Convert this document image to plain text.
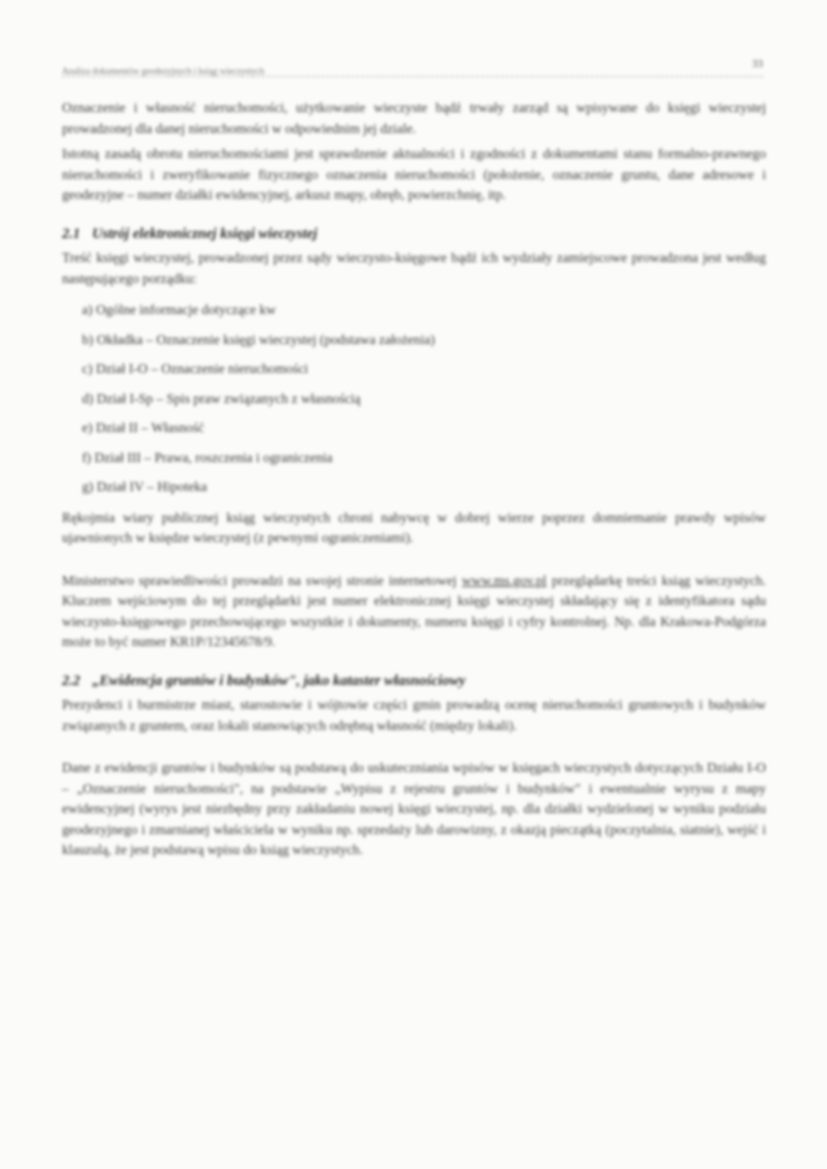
Analiza dokumentów geodezyjnych i ksiąg wieczystych
33

Oznaczenie i własność nieruchomości, użytkowanie wieczyste bądź trwały zarząd są wpisywane do księgi wieczystej prowadzonej dla danej nieruchomości w odpowiednim jej dziale.

Istotną zasadą obrotu nieruchomościami jest sprawdzenie aktualności i zgodności z dokumentami stanu formalno-prawnego nieruchomości i zweryfikowanie fizycznego oznaczenia nieruchomości (położenie, oznaczenie gruntu, dane adresowe i geodezyjne – numer działki ewidencyjnej, arkusz mapy, obręb, powierzchnię, itp.

2.1 Ustrój elektronicznej księgi wieczystej

Treść księgi wieczystej, prowadzonej przez sądy wieczysto-księgowe bądź ich wydziały zamiejscowe prowadzona jest według następującego porządku:

a) Ogólne informacje dotyczące kw
b) Okładka – Oznaczenie księgi wieczystej (podstawa założenia)
c) Dział I-O – Oznaczenie nieruchomości
d) Dział I-Sp – Spis praw związanych z własnością
e) Dział II – Własność
f) Dział III – Prawa, roszczenia i ograniczenia
g) Dział IV – Hipoteka

Rękojmia wiary publicznej ksiąg wieczystych chroni nabywcę w dobrej wierze poprzez domniemanie prawdy wpisów ujawnionych w księdze wieczystej (z pewnymi ograniczeniami).

Ministerstwo sprawiedliwości prowadzi na swojej stronie internetowej www.ms.gov.pl przeglądarkę treści ksiąg wieczystych. Kluczem wejściowym do tej przeglądarki jest numer elektronicznej księgi wieczystej składający się z identyfikatora sądu wieczysto-księgowego przechowującego wszystkie i dokumenty, numeru księgi i cyfry kontrolnej. Np. dla Krakowa-Podgórza może to być numer KR1P/12345678/9.

2.2 „Ewidencja gruntów i budynków", jako kataster własnościowy

Prezydenci i burmistrze miast, starostowie i wójtowie części gmin prowadzą ocenę nieruchomości gruntowych i budynków związanych z gruntem, oraz lokali stanowiących odrębną własność (między lokali).

Dane z ewidencji gruntów i budynków są podstawą do uskuteczniania wpisów w księgach wieczystych dotyczących Działu I-O – „Oznaczenie nieruchomości", na podstawie „Wypisu z rejestru gruntów i budynków" i ewentualnie wyrysu z mapy ewidencyjnej (wyrys jest niezbędny przy zakładaniu nowej księgi wieczystej, np. dla działki wydzielonej w wyniku podziału geodezyjnego i zmarnianej właściciela w wyniku np. sprzedaży lub darowizny, z okazją pieczątką (poczytalnia, siatnie), wejść i klauzulą, że jest podstawą wpisu do ksiąg wieczystych.
